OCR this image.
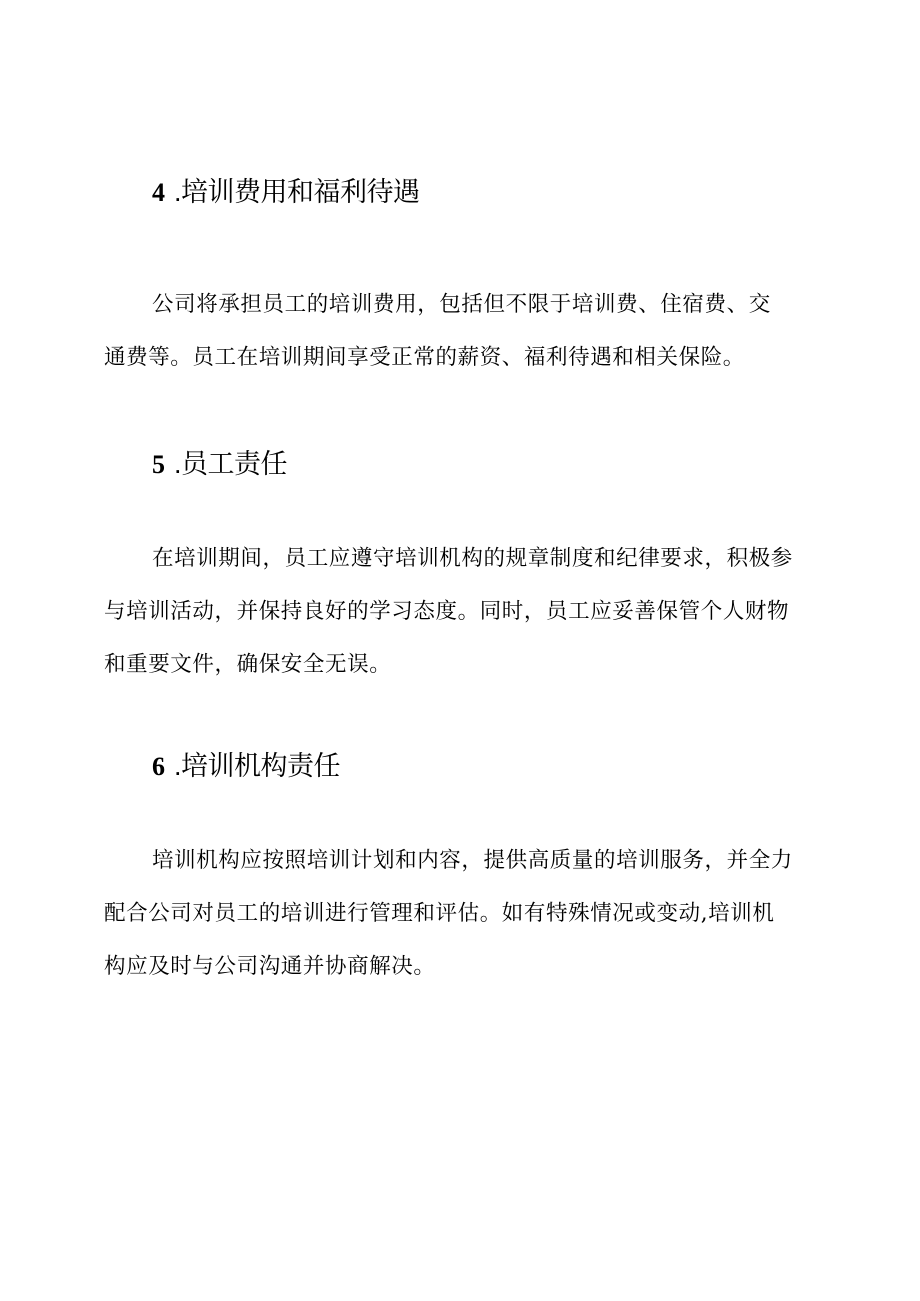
4 .培训费用和福利待遇

公司将承担员工的培训费用，包括但不限于培训费、住宿费、交
通费等。员工在培训期间享受正常的薪资、福利待遇和相关保险。

5 .员工责任

在培训期间，员工应遵守培训机构的规章制度和纪律要求，积极参
与培训活动，并保持良好的学习态度。同时，员工应妥善保管个人财物
和重要文件，确保安全无误。

6 .培训机构责任

培训机构应按照培训计划和内容，提供高质量的培训服务，并全力
配合公司对员工的培训进行管理和评估。如有特殊情况或变动,培训机
构应及时与公司沟通并协商解决。
